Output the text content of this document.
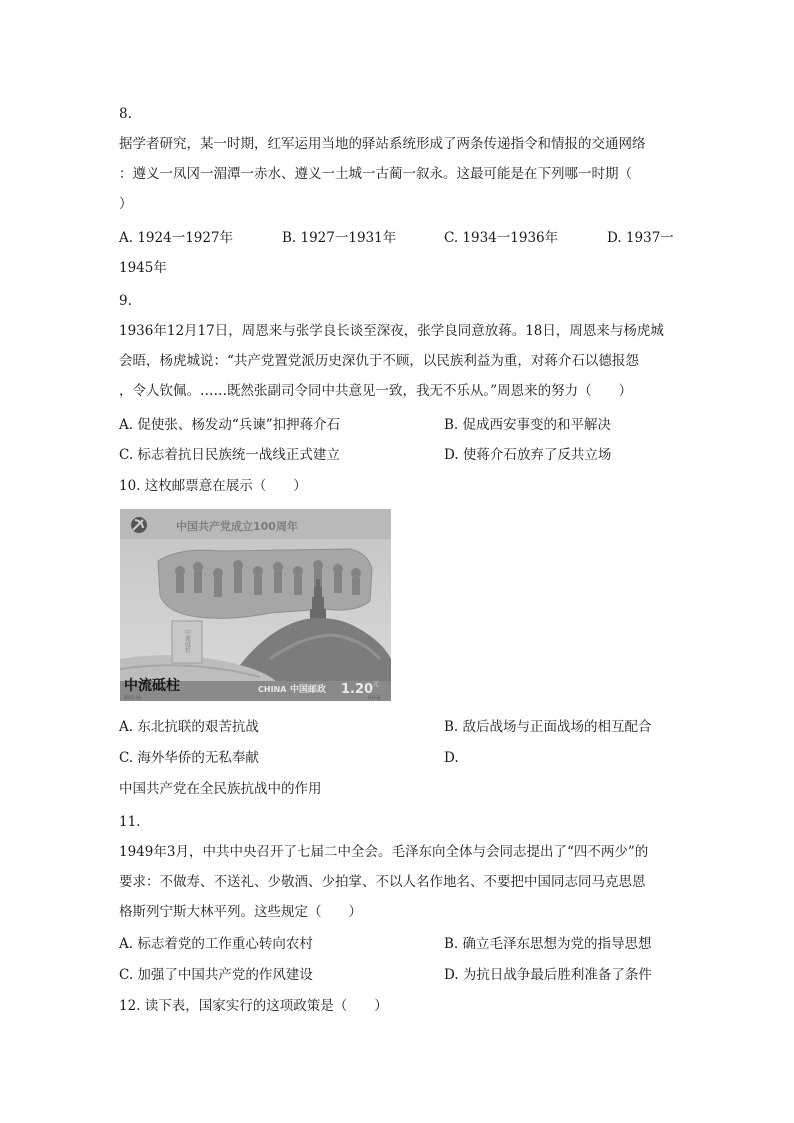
8.
据学者研究，某一时期，红军运用当地的驿站系统形成了两条传递指令和情报的交通网络
：遵义一凤冈一湄潭一赤水、遵义一土城一古蔺一叙永。这最可能是在下列哪一时期（
）
A. 1924一1927年	B. 1927一1931年	C. 1934一1936年	D. 1937一
1945年
9.
1936年12月17日，周恩来与张学良长谈至深夜，张学良同意放蒋。18日，周恩来与杨虎城
会晤，杨虎城说：“共产党置党派历史深仇于不顾，以民族利益为重，对蒋介石以德报怨
，令人钦佩。……既然张副司令同中共意见一致，我无不乐从。”周恩来的努力（　　）
A. 促使张、杨发动“兵谏”扣押蒋介石	B. 促成西安事变的和平解决
C. 标志着抗日民族统一战线正式建立	D. 使蒋介石放弃了反共立场
10. 这枚邮票意在展示（　　）
中国共产党成立100周年
中流砥柱
中流砥柱	CHINA 中国邮政 1.20 元
2021-16	(10-3)
A. 东北抗联的艰苦抗战	B. 敌后战场与正面战场的相互配合
C. 海外华侨的无私奉献	D.
中国共产党在全民族抗战中的作用
11.
1949年3月，中共中央召开了七届二中全会。毛泽东向全体与会同志提出了“四不两少”的
要求：不做寿、不送礼、少敬酒、少拍掌、不以人名作地名、不要把中国同志同马克思恩
格斯列宁斯大林平列。这些规定（　　）
A. 标志着党的工作重心转向农村	B. 确立毛泽东思想为党的指导思想
C. 加强了中国共产党的作风建设	D. 为抗日战争最后胜利准备了条件
12. 读下表，国家实行的这项政策是（　　）
